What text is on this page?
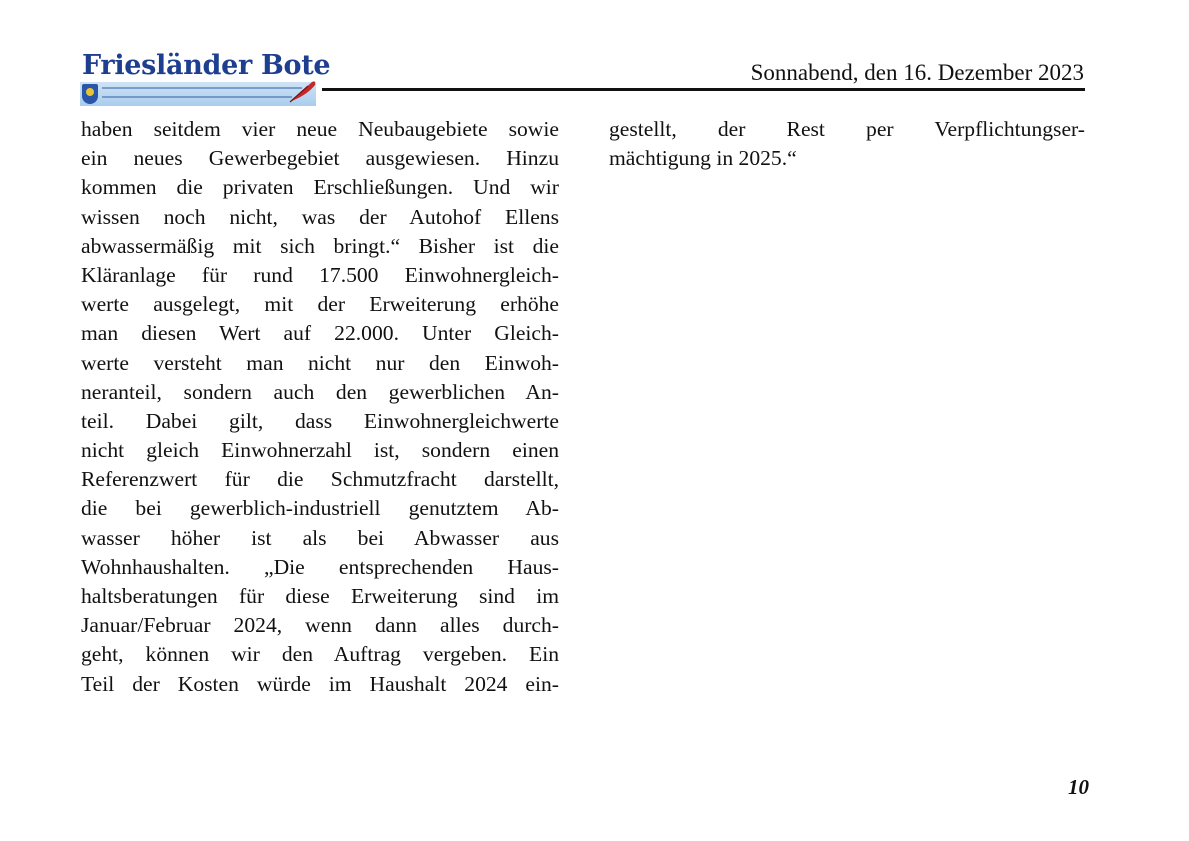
Friesländer Bote	Sonnabend, den 16. Dezember 2023
haben seitdem vier neue Neubaugebiete sowie
ein neues Gewerbegebiet ausgewiesen. Hinzu
kommen die privaten Erschließungen. Und wir
wissen noch nicht, was der Autohof Ellens
abwassermäßig mit sich bringt.“ Bisher ist die
Kläranlage für rund 17.500 Einwohnergleich-
werte ausgelegt, mit der Erweiterung erhöhe
man diesen Wert auf 22.000. Unter Gleich-
werte versteht man nicht nur den Einwoh-
neranteil, sondern auch den gewerblichen An-
teil. Dabei gilt, dass Einwohnergleichwerte
nicht gleich Einwohnerzahl ist, sondern einen
Referenzwert für die Schmutzfracht darstellt,
die bei gewerblich-industriell genutztem Ab-
wasser höher ist als bei Abwasser aus
Wohnhaushalten. „Die entsprechenden Haus-
haltsberatungen für diese Erweiterung sind im
Januar/Februar 2024, wenn dann alles durch-
geht, können wir den Auftrag vergeben. Ein
Teil der Kosten würde im Haushalt 2024 ein-
gestellt, der Rest per Verpflichtungser-
mächtigung in 2025.“
10
